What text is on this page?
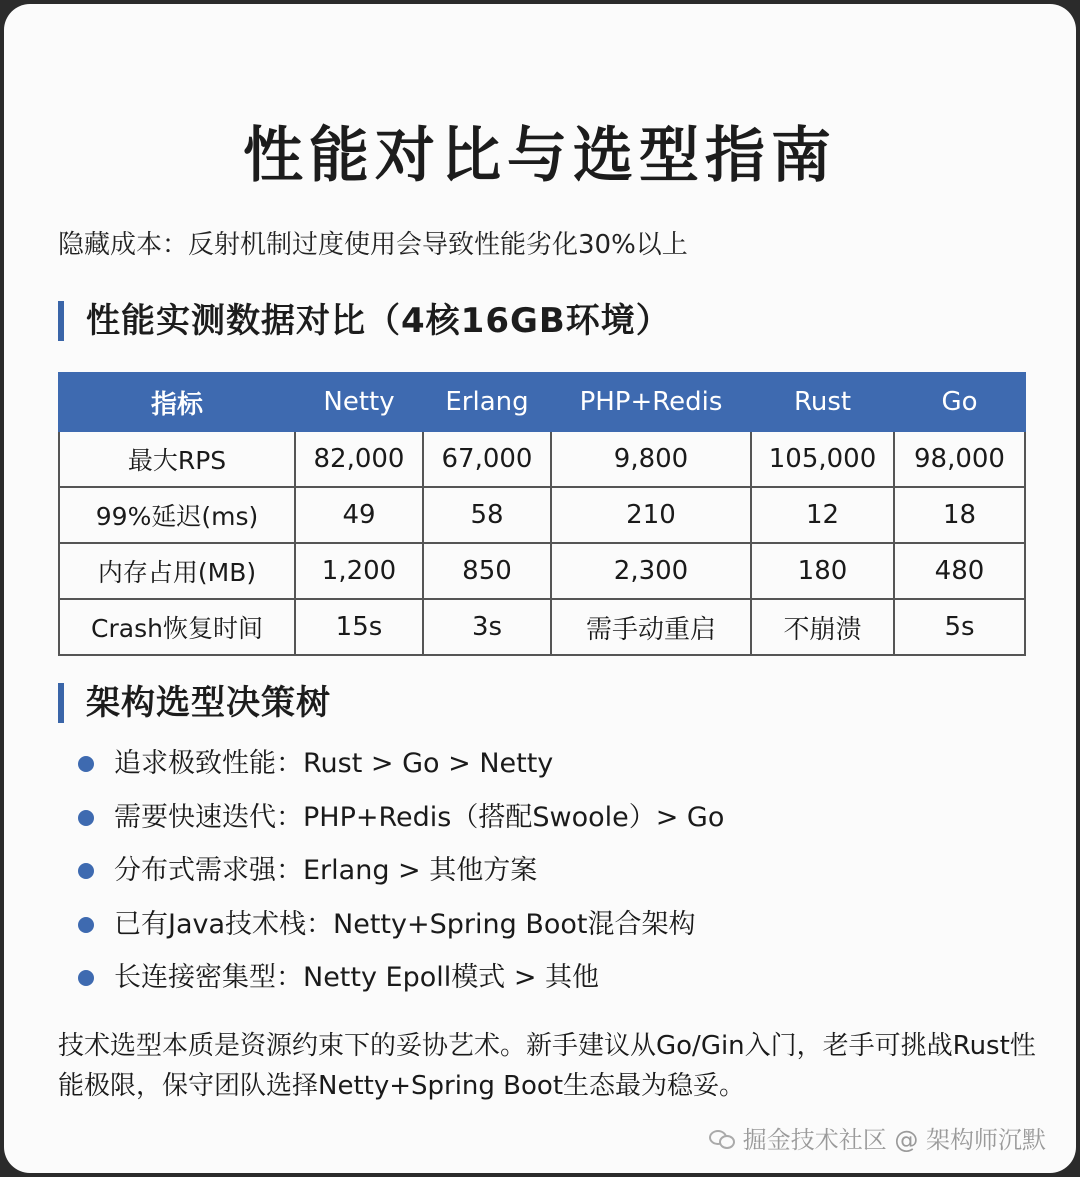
性能对比与选型指南
隐藏成本：反射机制过度使用会导致性能劣化30%以上
性能实测数据对比（4核16GB环境）
指标	Netty	Erlang	PHP+Redis	Rust	Go
最大RPS	82,000	67,000	9,800	105,000	98,000
99%延迟(ms)	49	58	210	12	18
内存占用(MB)	1,200	850	2,300	180	480
Crash恢复时间	15s	3s	需手动重启	不崩溃	5s
架构选型决策树
追求极致性能：Rust > Go > Netty
需要快速迭代：PHP+Redis（搭配Swoole）> Go
分布式需求强：Erlang > 其他方案
已有Java技术栈：Netty+Spring Boot混合架构
长连接密集型：Netty Epoll模式 > 其他
技术选型本质是资源约束下的妥协艺术。新手建议从Go/Gin入门，老手可挑战Rust性能极限，保守团队选择Netty+Spring Boot生态最为稳妥。
掘金技术社区 @ 架构师沉默
